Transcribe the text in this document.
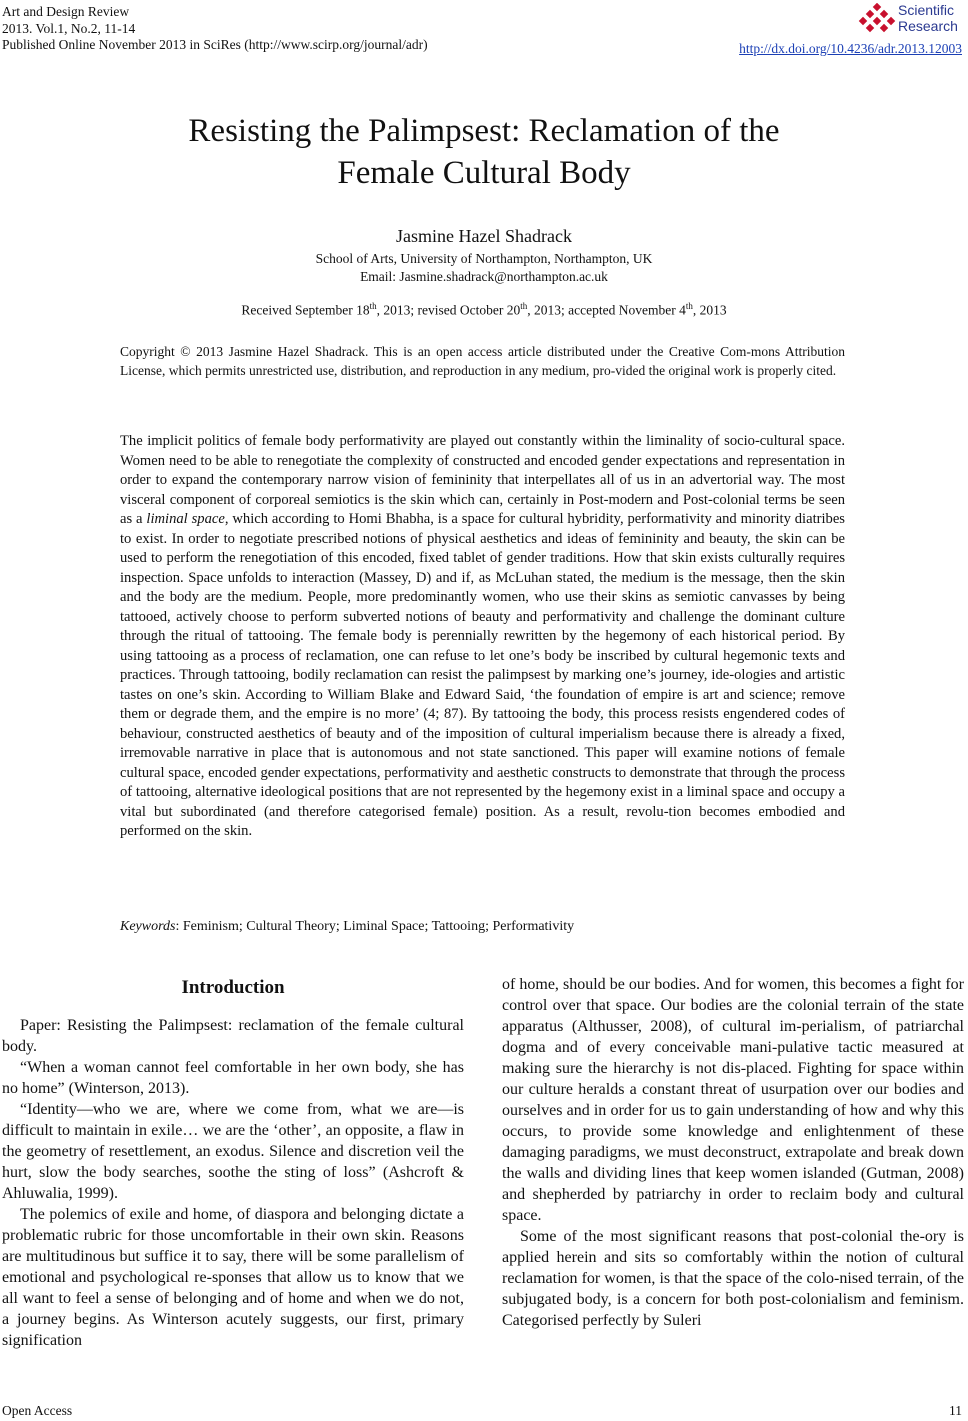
Art and Design Review
2013. Vol.1, No.2, 11-14
Published Online November 2013 in SciRes (http://www.scirp.org/journal/adr)
Scientific
Research
http://dx.doi.org/10.4236/adr.2013.12003
Resisting the Palimpsest: Reclamation of the
Female Cultural Body
Jasmine Hazel Shadrack
School of Arts, University of Northampton, Northampton, UK
Email: Jasmine.shadrack@northampton.ac.uk
Received September 18th, 2013; revised October 20th, 2013; accepted November 4th, 2013
Copyright © 2013 Jasmine Hazel Shadrack. This is an open access article distributed under the Creative Com-mons Attribution License, which permits unrestricted use, distribution, and reproduction in any medium, pro-vided the original work is properly cited.
The implicit politics of female body performativity are played out constantly within the liminality of socio-cultural space. Women need to be able to renegotiate the complexity of constructed and encoded gender expectations and representation in order to expand the contemporary narrow vision of femininity that interpellates all of us in an advertorial way. The most visceral component of corporeal semiotics is the skin which can, certainly in Post-modern and Post-colonial terms be seen as a liminal space, which according to Homi Bhabha, is a space for cultural hybridity, performativity and minority diatribes to exist. In order to negotiate prescribed notions of physical aesthetics and ideas of femininity and beauty, the skin can be used to perform the renegotiation of this encoded, fixed tablet of gender traditions. How that skin exists culturally requires inspection. Space unfolds to interaction (Massey, D) and if, as McLuhan stated, the medium is the message, then the skin and the body are the medium. People, more predominantly women, who use their skins as semiotic canvasses by being tattooed, actively choose to perform subverted notions of beauty and performativity and challenge the dominant culture through the ritual of tattooing. The female body is perennially rewritten by the hegemony of each historical period. By using tattooing as a process of reclamation, one can refuse to let one’s body be inscribed by cultural hegemonic texts and practices. Through tattooing, bodily reclamation can resist the palimpsest by marking one’s journey, ide-ologies and artistic tastes on one’s skin. According to William Blake and Edward Said, ‘the foundation of empire is art and science; remove them or degrade them, and the empire is no more’ (4; 87). By tattooing the body, this process resists engendered codes of behaviour, constructed aesthetics of beauty and of the imposition of cultural imperialism because there is already a fixed, irremovable narrative in place that is autonomous and not state sanctioned. This paper will examine notions of female cultural space, encoded gender expectations, performativity and aesthetic constructs to demonstrate that through the process of tattooing, alternative ideological positions that are not represented by the hegemony exist in a liminal space and occupy a vital but subordinated (and therefore categorised female) position. As a result, revolu-tion becomes embodied and performed on the skin.
Keywords: Feminism; Cultural Theory; Liminal Space; Tattooing; Performativity
Introduction

Paper: Resisting the Palimpsest: reclamation of the female cultural body.

“When a woman cannot feel comfortable in her own body, she has no home” (Winterson, 2013).

“Identity—who we are, where we come from, what we are—is difficult to maintain in exile… we are the ‘other’, an opposite, a flaw in the geometry of resettlement, an exodus. Silence and discretion veil the hurt, slow the body searches, soothe the sting of loss” (Ashcroft & Ahluwalia, 1999).

The polemics of exile and home, of diaspora and belonging dictate a problematic rubric for those uncomfortable in their own skin. Reasons are multitudinous but suffice it to say, there will be some parallelism of emotional and psychological re-sponses that allow us to know that we all want to feel a sense of belonging and of home and when we do not, a journey begins. As Winterson acutely suggests, our first, primary signification

of home, should be our bodies. And for women, this becomes a fight for control over that space. Our bodies are the colonial terrain of the state apparatus (Althusser, 2008), of cultural im-perialism, of patriarchal dogma and of every conceivable mani-pulative tactic measured at making sure the hierarchy is not dis-placed. Fighting for space within our culture heralds a constant threat of usurpation over our bodies and ourselves and in order for us to gain understanding of how and why this occurs, to provide some knowledge and enlightenment of these damaging paradigms, we must deconstruct, extrapolate and break down the walls and dividing lines that keep women islanded (Gutman, 2008) and shepherded by patriarchy in order to reclaim body and cultural space.

Some of the most significant reasons that post-colonial the-ory is applied herein and sits so comfortably within the notion of cultural reclamation for women, is that the space of the colo-nised terrain, of the subjugated body, is a concern for both post-colonialism and feminism. Categorised perfectly by Suleri

Open Access	11
